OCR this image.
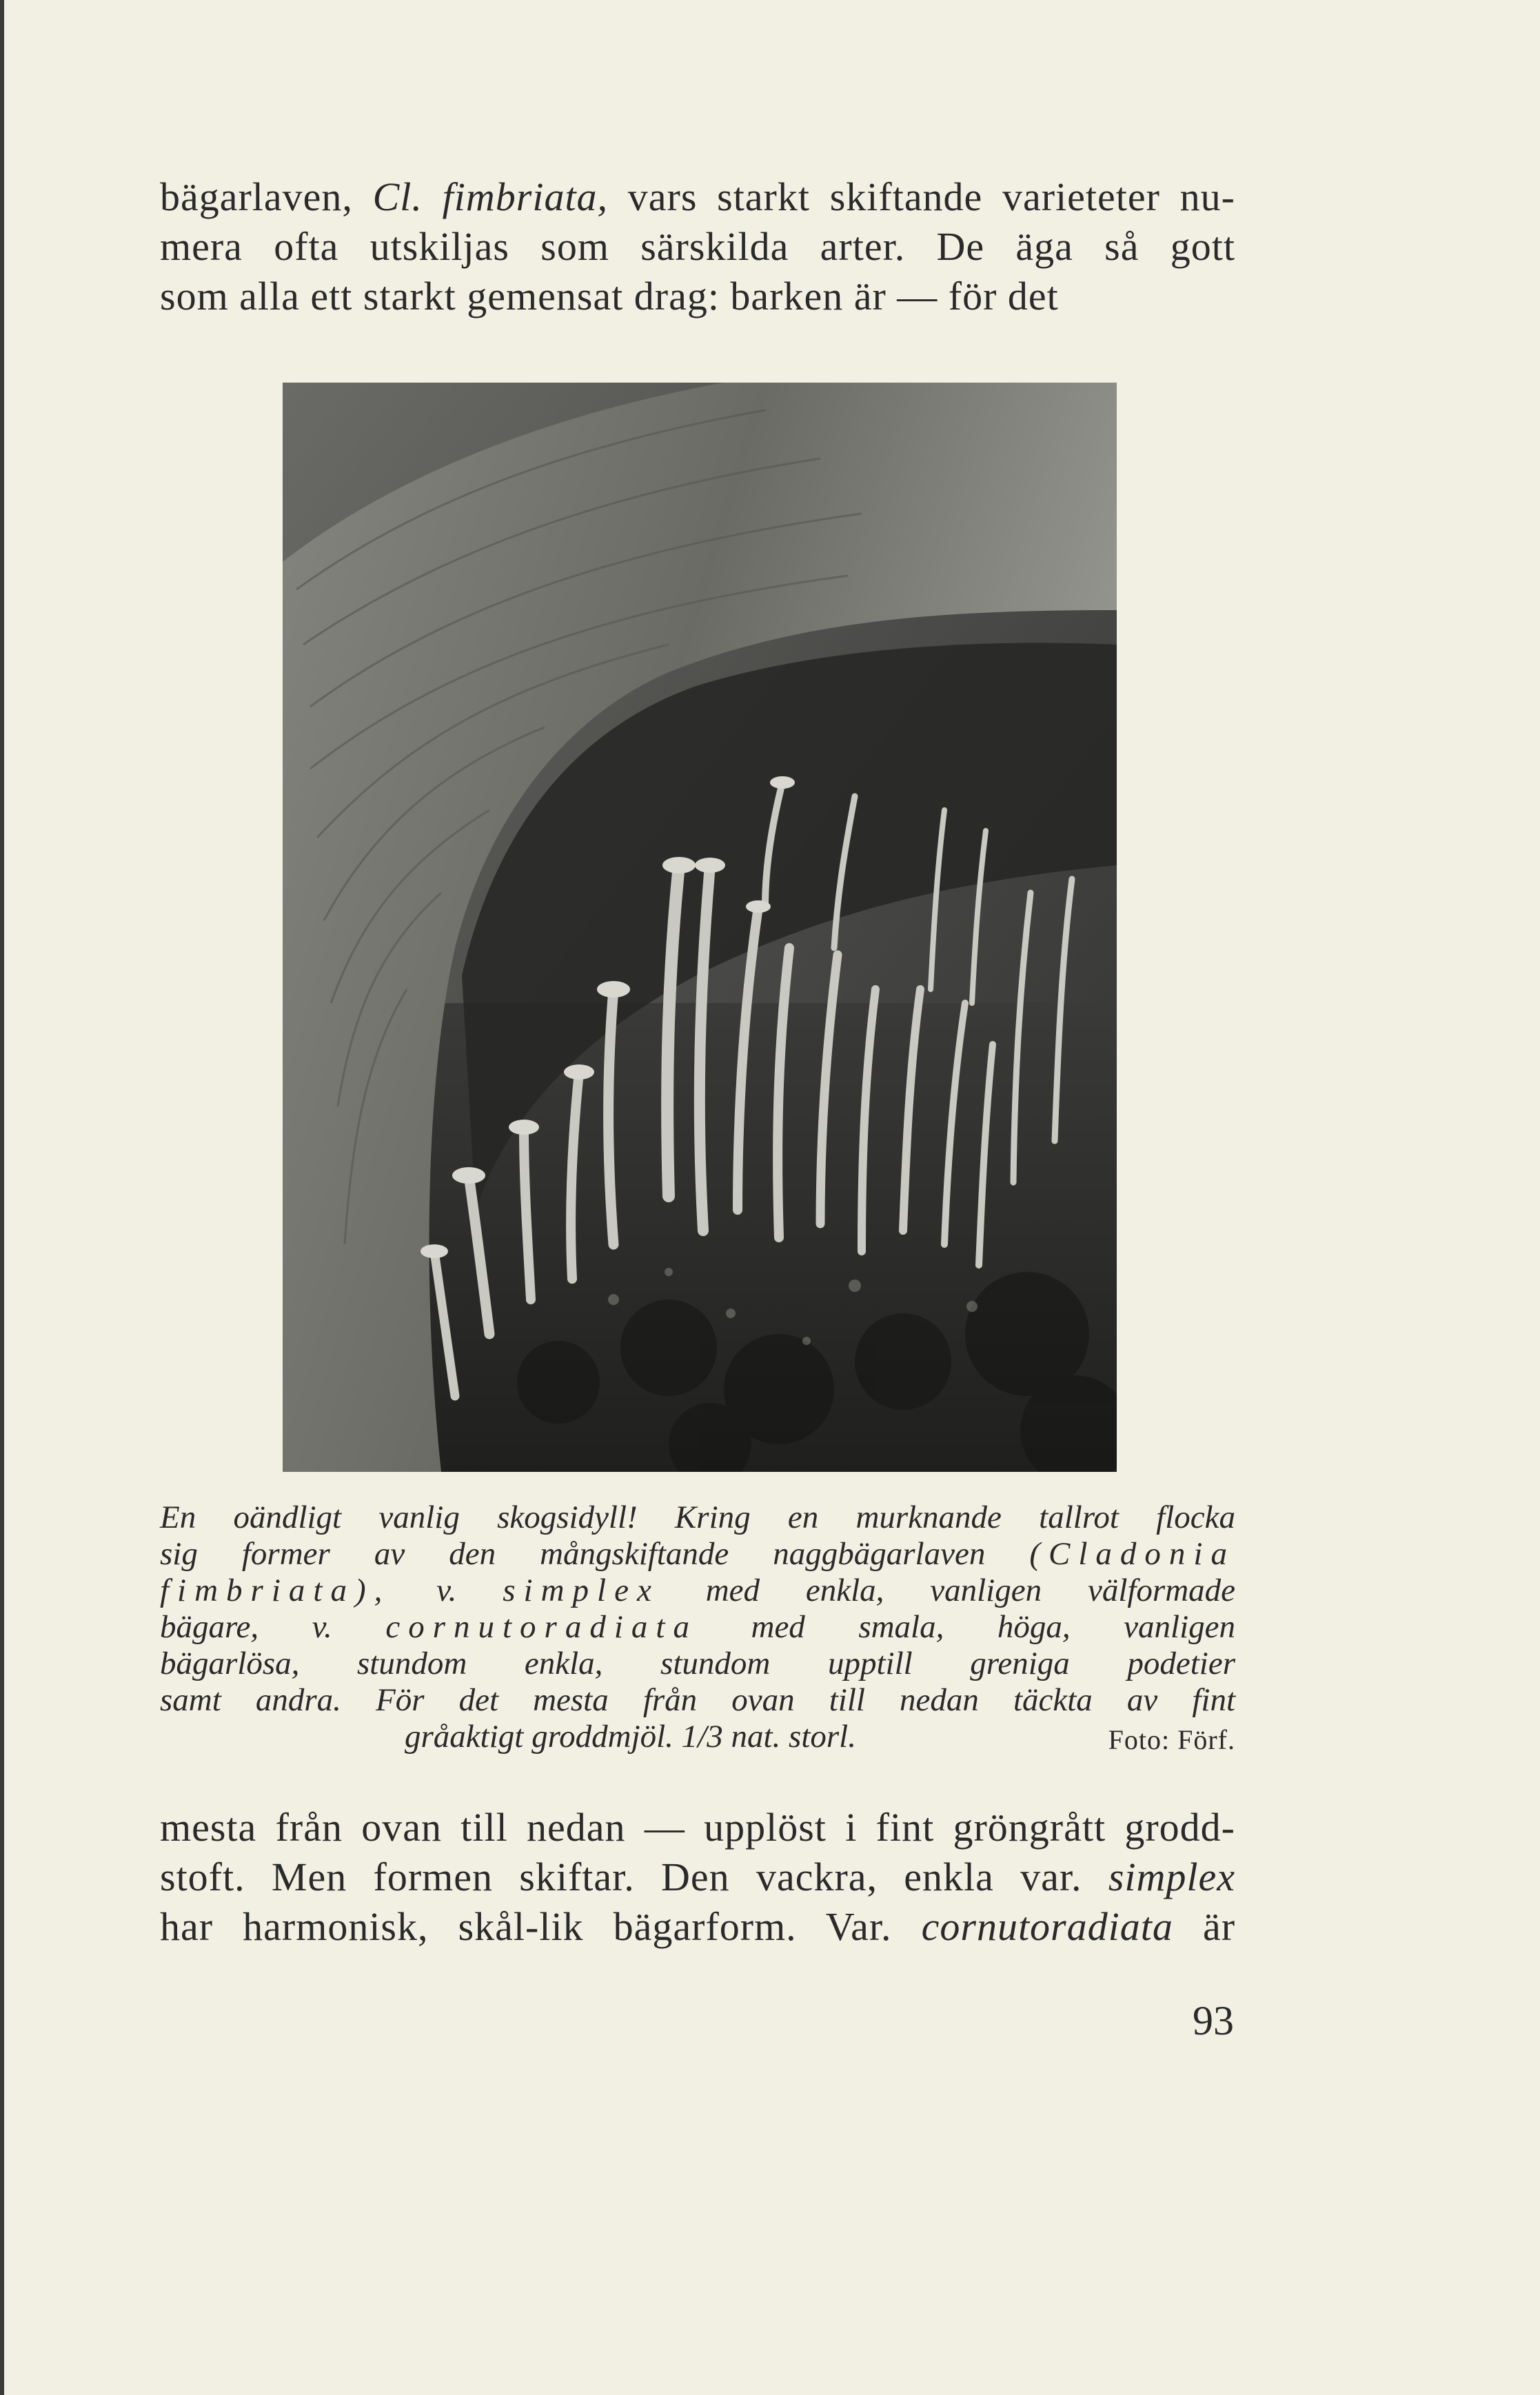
bägarlaven, Cl. fimbriata, vars starkt skiftande varieteter nu-
mera ofta utskiljas som särskilda arter. De äga så gott
som alla ett starkt gemensat drag: barken är — för det
En oändligt vanlig skogsidyll! Kring en murknande tallrot flocka
sig former av den mångskiftande naggbägarlaven (Cladonia
fimbriata), v. simplex med enkla, vanligen välformade
bägare, v. cornutoradiata med smala, höga, vanligen
bägarlösa, stundom enkla, stundom upptill greniga podetier
samt andra. För det mesta från ovan till nedan täckta av fint
gråaktigt groddmjöl. 1/3 nat. storl.	Foto: Förf.
mesta från ovan till nedan — upplöst i fint gröngrått grodd-
stoft. Men formen skiftar. Den vackra, enkla var. simplex
har harmonisk, skål-lik bägarform. Var. cornutoradiata är
93
